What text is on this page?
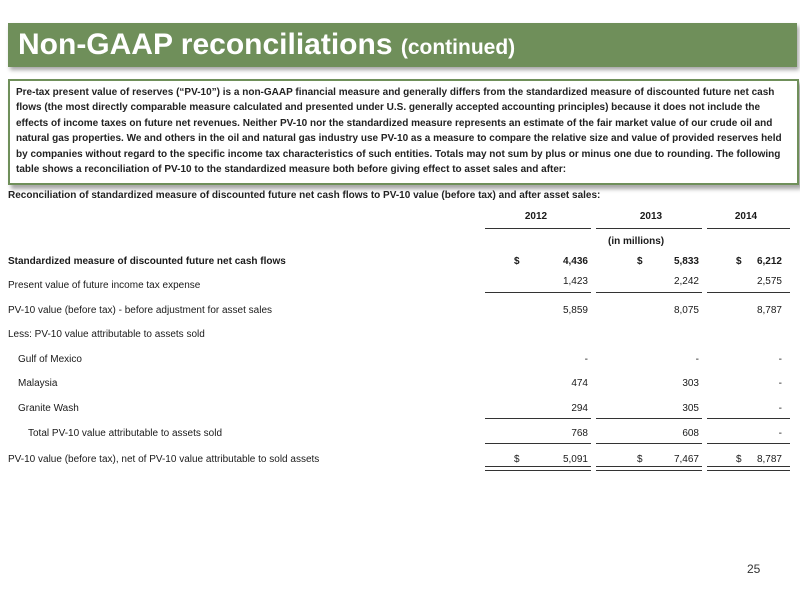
Non-GAAP reconciliations (continued)

Pre-tax present value of reserves (“PV-10”) is a non-GAAP financial measure and generally differs from the standardized measure of discounted future net cash flows (the most directly comparable measure calculated and presented under U.S. generally accepted accounting principles) because it does not include the effects of income taxes on future net revenues. Neither PV-10 nor the standardized measure represents an estimate of the fair market value of our crude oil and natural gas properties. We and others in the oil and natural gas industry use PV-10 as a measure to compare the relative size and value of provided reserves held by companies without regard to the specific income tax characteristics of such entities. Totals may not sum by plus or minus one due to rounding. The following table shows a reconciliation of PV-10 to the standardized measure both before giving effect to asset sales and after:

Reconciliation of standardized measure of discounted future net cash flows to PV-10 value (before tax) and after asset sales:

2012	2013	2014
(in millions)
Standardized measure of discounted future net cash flows	$	4,436	$	5,833	$	6,212
Present value of future income tax expense	1,423	2,242	2,575
PV-10 value (before tax) - before adjustment for asset sales	5,859	8,075	8,787
Less: PV-10 value attributable to assets sold
Gulf of Mexico	-	-	-
Malaysia	474	303	-
Granite Wash	294	305	-
Total PV-10 value attributable to assets sold	768	608	-
PV-10 value (before tax), net of PV-10 value attributable to sold assets	$	5,091	$	7,467	$	8,787
25
